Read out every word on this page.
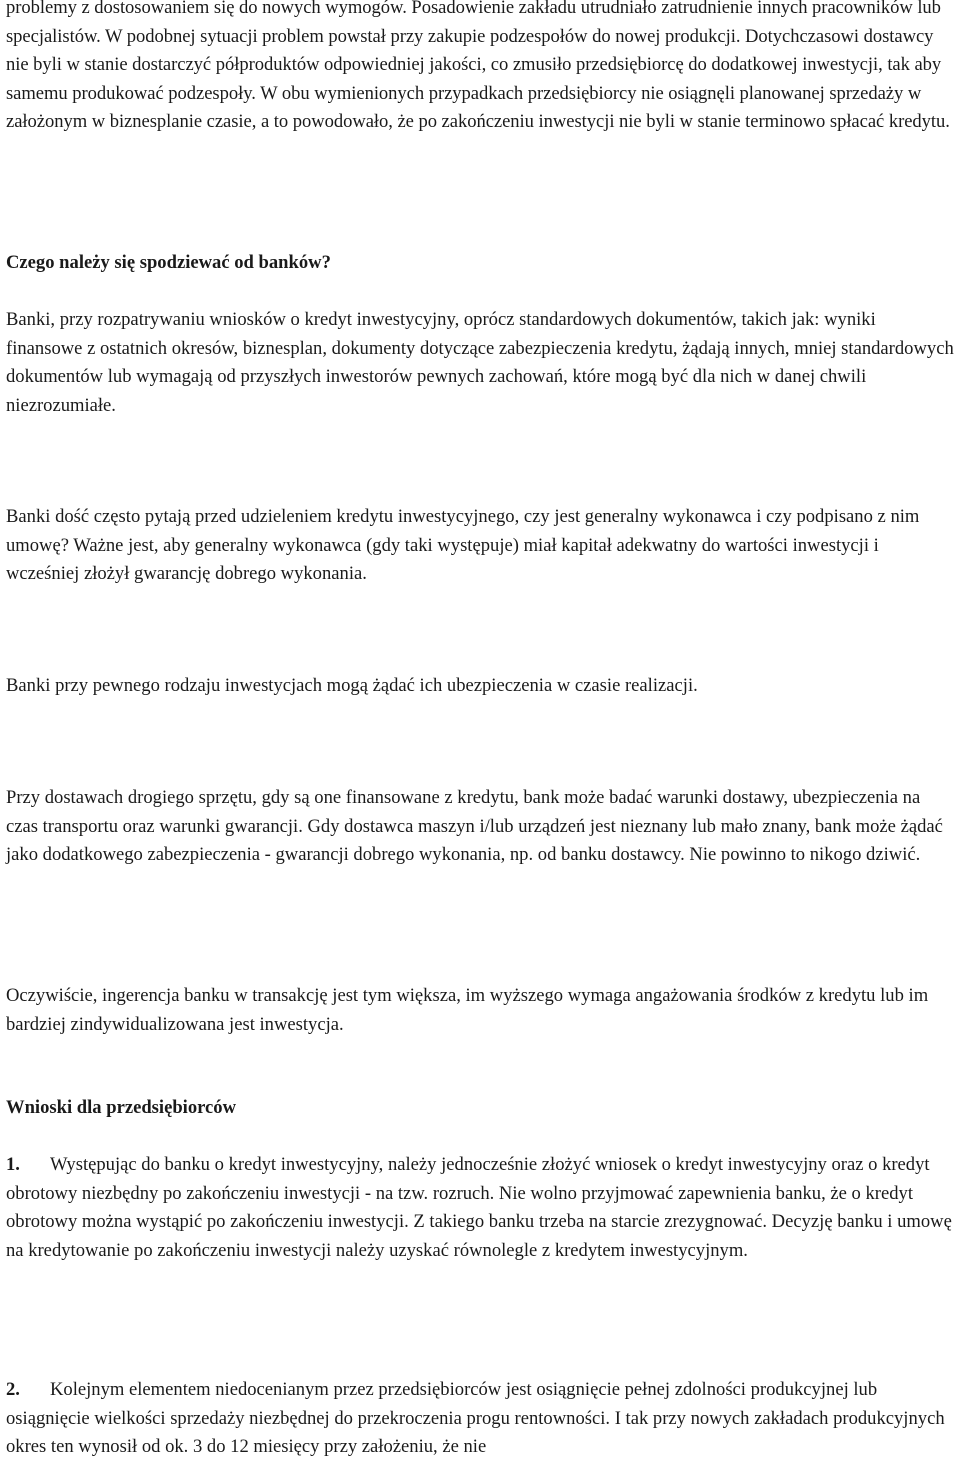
problemy z dostosowaniem się do nowych wymogów. Posadowienie zakładu utrudniało zatrudnienie innych pracowników lub specjalistów. W podobnej sytuacji problem powstał przy zakupie podzespołów do nowej produkcji. Dotychczasowi dostawcy nie byli w stanie dostarczyć półproduktów odpowiedniej jakości, co zmusiło przedsiębiorcę do dodatkowej inwestycji, tak aby samemu produkować podzespoły. W obu wymienionych przypadkach przedsiębiorcy nie osiągnęli planowanej sprzedaży w założonym w biznesplanie czasie, a to powodowało, że po zakończeniu inwestycji nie byli w stanie terminowo spłacać kredytu.

Czego należy się spodziewać od banków?

Banki, przy rozpatrywaniu wniosków o kredyt inwestycyjny, oprócz standardowych dokumentów, takich jak: wyniki finansowe z ostatnich okresów, biznesplan, dokumenty dotyczące zabezpieczenia kredytu, żądają innych, mniej standardowych dokumentów lub wymagają od przyszłych inwestorów pewnych zachowań, które mogą być dla nich w danej chwili niezrozumiałe.

Banki dość często pytają przed udzieleniem kredytu inwestycyjnego, czy jest generalny wykonawca i czy podpisano z nim umowę? Ważne jest, aby generalny wykonawca (gdy taki występuje) miał kapitał adekwatny do wartości inwestycji i wcześniej złożył gwarancję dobrego wykonania.

Banki przy pewnego rodzaju inwestycjach mogą żądać ich ubezpieczenia w czasie realizacji.

Przy dostawach drogiego sprzętu, gdy są one finansowane z kredytu, bank może badać warunki dostawy, ubezpieczenia na czas transportu oraz warunki gwarancji. Gdy dostawca maszyn i/lub urządzeń jest nieznany lub mało znany, bank może żądać jako dodatkowego zabezpieczenia - gwarancji dobrego wykonania, np. od banku dostawcy. Nie powinno to nikogo dziwić.

Oczywiście, ingerencja banku w transakcję jest tym większa, im wyższego wymaga angażowania środków z kredytu lub im bardziej zindywidualizowana jest inwestycja.

Wnioski dla przedsiębiorców

1. Występując do banku o kredyt inwestycyjny, należy jednocześnie złożyć wniosek o kredyt inwestycyjny oraz o kredyt obrotowy niezbędny po zakończeniu inwestycji - na tzw. rozruch. Nie wolno przyjmować zapewnienia banku, że o kredyt obrotowy można wystąpić po zakończeniu inwestycji. Z takiego banku trzeba na starcie zrezygnować. Decyzję banku i umowę na kredytowanie po zakończeniu inwestycji należy uzyskać równolegle z kredytem inwestycyjnym.

2. Kolejnym elementem niedocenianym przez przedsiębiorców jest osiągnięcie pełnej zdolności produkcyjnej lub osiągnięcie wielkości sprzedaży niezbędnej do przekroczenia progu rentowności. I tak przy nowych zakładach produkcyjnych okres ten wynosił od ok. 3 do 12 miesięcy przy założeniu, że nie
